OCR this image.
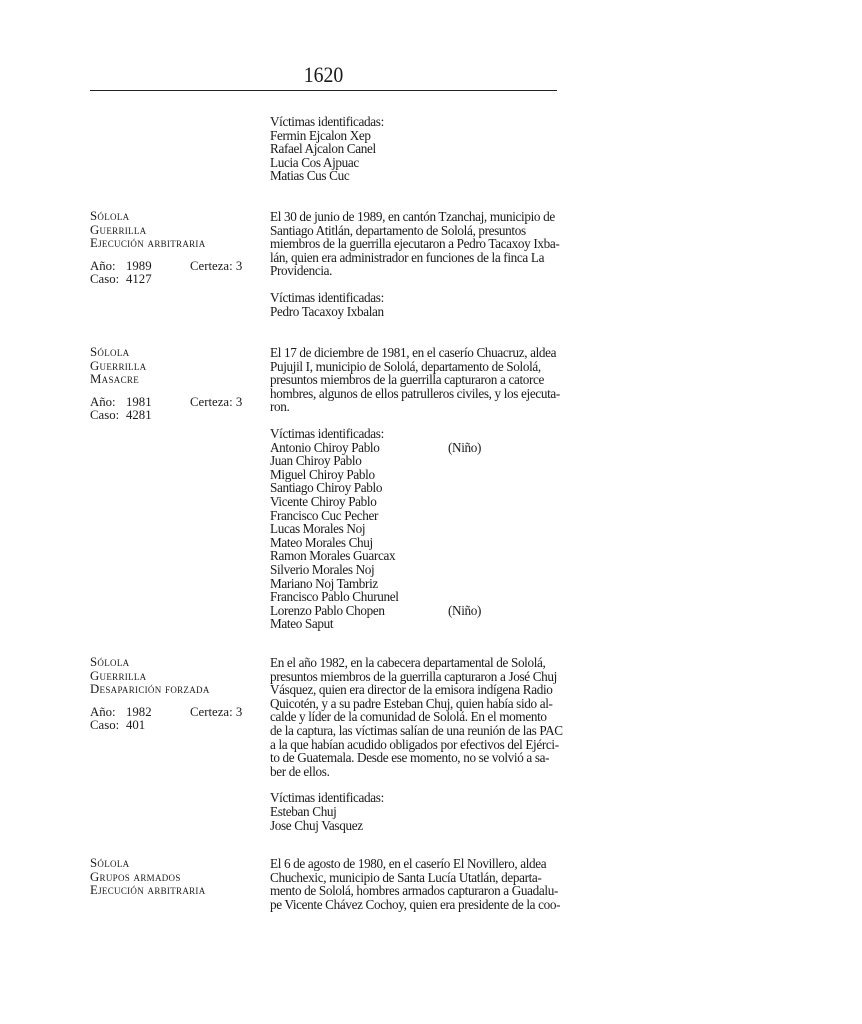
1620
Víctimas identificadas:
Fermin Ejcalon Xep
Rafael Ajcalon Canel
Lucia Cos Ajpuac
Matias Cus Cuc
Sólola
Guerrilla
Ejecución arbitraria
Año: 1989	Certeza: 3
Caso: 4127
El 30 de junio de 1989, en cantón Tzanchaj, municipio de
Santiago Atitlán, departamento de Sololá, presuntos
miembros de la guerrilla ejecutaron a Pedro Tacaxoy Ixba-
lán, quien era administrador en funciones de la finca La
Providencia.
Víctimas identificadas:
Pedro Tacaxoy Ixbalan
Sólola
Guerrilla
Masacre
Año: 1981	Certeza: 3
Caso: 4281
El 17 de diciembre de 1981, en el caserío Chuacruz, aldea
Pujujil I, municipio de Sololá, departamento de Sololá,
presuntos miembros de la guerrilla capturaron a catorce
hombres, algunos de ellos patrulleros civiles, y los ejecuta-
ron.
Víctimas identificadas:
Antonio Chiroy Pablo	(Niño)
Juan Chiroy Pablo
Miguel Chiroy Pablo
Santiago Chiroy Pablo
Vicente Chiroy Pablo
Francisco Cuc Pecher
Lucas Morales Noj
Mateo Morales Chuj
Ramon Morales Guarcax
Silverio Morales Noj
Mariano Noj Tambriz
Francisco Pablo Churunel
Lorenzo Pablo Chopen	(Niño)
Mateo Saput
Sólola
Guerrilla
Desaparición forzada
Año: 1982	Certeza: 3
Caso: 401
En el año 1982, en la cabecera departamental de Sololá,
presuntos miembros de la guerrilla capturaron a José Chuj
Vásquez, quien era director de la emisora indígena Radio
Quicotén, y a su padre Esteban Chuj, quien había sido al-
calde y líder de la comunidad de Sololá. En el momento
de la captura, las víctimas salían de una reunión de las PAC
a la que habían acudido obligados por efectivos del Ejérci-
to de Guatemala. Desde ese momento, no se volvió a sa-
ber de ellos.
Víctimas identificadas:
Esteban Chuj
Jose Chuj Vasquez
Sólola
Grupos armados
Ejecución arbitraria
El 6 de agosto de 1980, en el caserío El Novillero, aldea
Chuchexic, municipio de Santa Lucía Utatlán, departa-
mento de Sololá, hombres armados capturaron a Guadalu-
pe Vicente Chávez Cochoy, quien era presidente de la coo-
